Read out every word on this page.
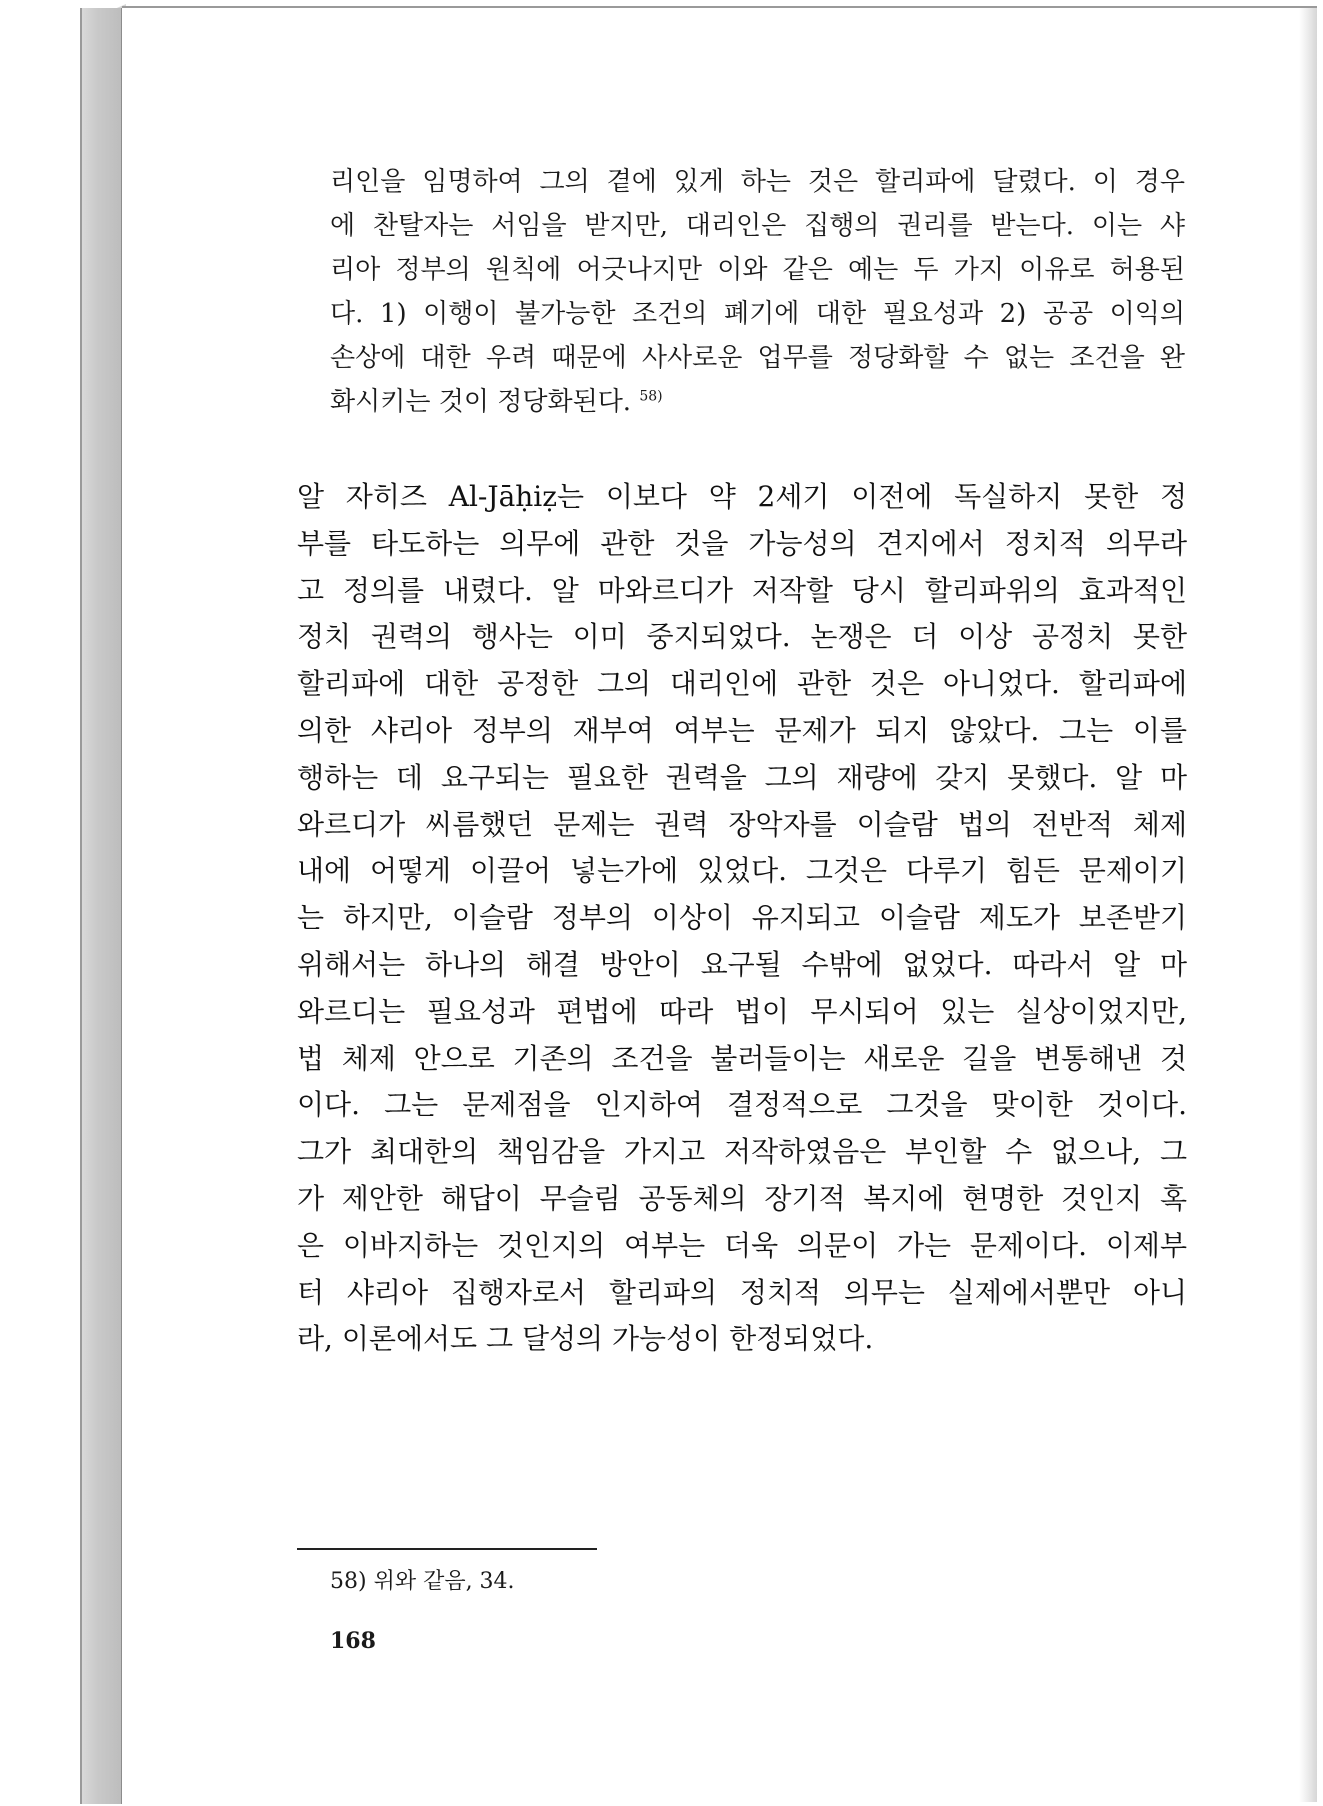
리인을 임명하여 그의 곁에 있게 하는 것은 할리파에 달렸다. 이 경우
에 찬탈자는 서임을 받지만, 대리인은 집행의 권리를 받는다. 이는 샤
리아 정부의 원칙에 어긋나지만 이와 같은 예는 두 가지 이유로 허용된
다. 1) 이행이 불가능한 조건의 폐기에 대한 필요성과 2) 공공 이익의
손상에 대한 우려 때문에 사사로운 업무를 정당화할 수 없는 조건을 완
화시키는 것이 정당화된다. $^{58)}$
알 자히즈 Al-Jāḥiẓ는 이보다 약 2세기 이전에 독실하지 못한 정
부를 타도하는 의무에 관한 것을 가능성의 견지에서 정치적 의무라
고 정의를 내렸다. 알 마와르디가 저작할 당시 할리파위의 효과적인
정치 권력의 행사는 이미 중지되었다. 논쟁은 더 이상 공정치 못한
할리파에 대한 공정한 그의 대리인에 관한 것은 아니었다. 할리파에
의한 샤리아 정부의 재부여 여부는 문제가 되지 않았다. 그는 이를
행하는 데 요구되는 필요한 권력을 그의 재량에 갖지 못했다. 알 마
와르디가 씨름했던 문제는 권력 장악자를 이슬람 법의 전반적 체제
내에 어떻게 이끌어 넣는가에 있었다. 그것은 다루기 힘든 문제이기
는 하지만, 이슬람 정부의 이상이 유지되고 이슬람 제도가 보존받기
위해서는 하나의 해결 방안이 요구될 수밖에 없었다. 따라서 알 마
와르디는 필요성과 편법에 따라 법이 무시되어 있는 실상이었지만,
법 체제 안으로 기존의 조건을 불러들이는 새로운 길을 변통해낸 것
이다. 그는 문제점을 인지하여 결정적으로 그것을 맞이한 것이다.
그가 최대한의 책임감을 가지고 저작하였음은 부인할 수 없으나, 그
가 제안한 해답이 무슬림 공동체의 장기적 복지에 현명한 것인지 혹
은 이바지하는 것인지의 여부는 더욱 의문이 가는 문제이다. 이제부
터 샤리아 집행자로서 할리파의 정치적 의무는 실제에서뿐만 아니
라, 이론에서도 그 달성의 가능성이 한정되었다.
58) 위와 같음, 34.
168
